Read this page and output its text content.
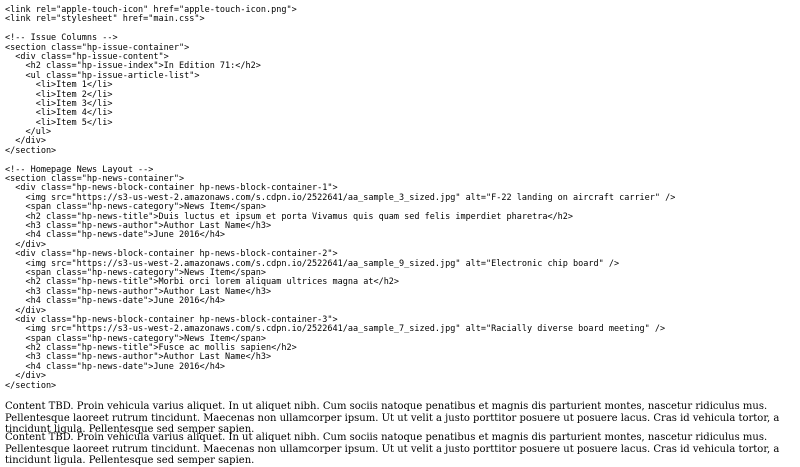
<link rel="apple-touch-icon" href="apple-touch-icon.png">
<link rel="stylesheet" href="main.css">
<!-- Issue Columns -->
<section class="hp-issue-container">
<div class="hp-issue-content">
<h2 class="hp-issue-index">In Edition 71:</h2>
<ul class="hp-issue-article-list">
<li>Item 1</li>
<li>Item 2</li>
<li>Item 3</li>
<li>Item 4</li>
<li>Item 5</li>
</ul>
</div>
</section>
<!-- Homepage News Layout -->
<section class="hp-news-container">
<div class="hp-news-block-container hp-news-block-container-1">
<img src="https://s3-us-west-2.amazonaws.com/s.cdpn.io/2522641/aa_sample_3_sized.jpg" alt="F-22 landing on aircraft carrier" />
<span class="hp-news-category">News Item</span>
<h2 class="hp-news-title">Duis luctus et ipsum et porta Vivamus quis quam sed felis imperdiet pharetra</h2>
<h3 class="hp-news-author">Author Last Name</h3>
<h4 class="hp-news-date">June 2016</h4>
</div>
<div class="hp-news-block-container hp-news-block-container-2">
<img src="https://s3-us-west-2.amazonaws.com/s.cdpn.io/2522641/aa_sample_9_sized.jpg" alt="Electronic chip board" />
<span class="hp-news-category">News Item</span>
<h2 class="hp-news-title">Morbi orci lorem aliquam ultrices magna at</h2>
<h3 class="hp-news-author">Author Last Name</h3>
<h4 class="hp-news-date">June 2016</h4>
</div>
<div class="hp-news-block-container hp-news-block-container-3">
<img src="https://s3-us-west-2.amazonaws.com/s.cdpn.io/2522641/aa_sample_7_sized.jpg" alt="Racially diverse board meeting" />
<span class="hp-news-category">News Item</span>
<h2 class="hp-news-title">Fusce ac mollis sapien</h2>
<h3 class="hp-news-author">Author Last Name</h3>
<h4 class="hp-news-date">June 2016</h4>
</div>
</section>

Content TBD. Proin vehicula varius aliquet. In ut aliquet nibh. Cum sociis natoque penatibus et magnis dis parturient montes, nascetur ridiculus mus. Pellentesque laoreet rutrum tincidunt. Maecenas non ullamcorper ipsum. Ut ut velit a justo porttitor posuere ut posuere lacus. Cras id vehicula tortor, a tincidunt ligula. Pellentesque sed semper sapien.

Content TBD. Proin vehicula varius aliquet. In ut aliquet nibh. Cum sociis natoque penatibus et magnis dis parturient montes, nascetur ridiculus mus. Pellentesque laoreet rutrum tincidunt. Maecenas non ullamcorper ipsum. Ut ut velit a justo porttitor posuere ut posuere lacus. Cras id vehicula tortor, a tincidunt ligula. Pellentesque sed semper sapien.
